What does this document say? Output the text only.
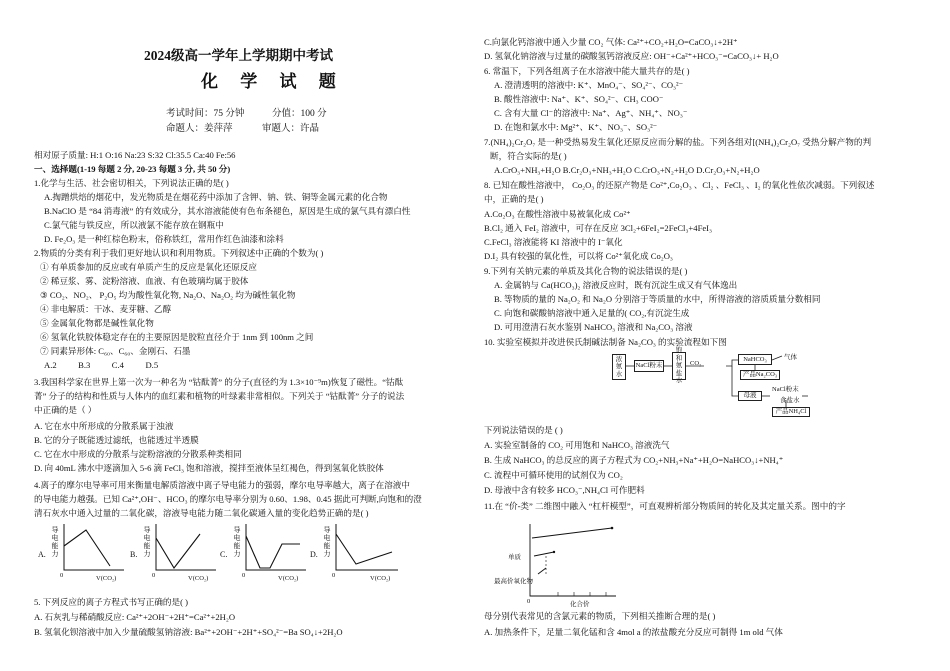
2024级高一学年上学期期中考试
化 学 试 题
考试时间：75 分钟	分值：100 分
命题人：姜萍萍	审题人：许晶
相对原子质量: H:1 O:16 Na:23 S:32 Cl:35.5 Ca:40 Fe:56
一、选择题(1-19 每题 2 分, 20-23 每题 3 分, 共 50 分)
1.化学与生活、社会密切相关，下列说法正确的是( )
A.掏蹭烘焙的烟花中，发光物质是在烟花药中添加了含钾、钠、铁、铜等金属元素的化合物
B.NaClO 是 “84 消毒液” 的有效成分，其水溶液能使有色布条褪色，原因是生成的氯气具有漂白性
C.氯气能与铁反应，所以液氯不能存放在钢瓶中
D. Fe₂O₃ 是一种红棕色粉末，俗称铁红，常用作红色油漆和涂料
2.物质的分类有利于我们更好地认识和利用物质。下列叙述中正确的个数为( )
① 有单质参加的反应或有单质产生的反应是氧化还原反应
② 稀豆浆、雾、淀粉溶液、血液、有色玻璃均属于胶体
③ CO₂、NO₂、 P₂O₅ 均为酸性氧化物, Na₂O、Na₂O₂ 均为碱性氧化物
④ 非电解质：干冰、麦芽糖、乙醇
⑤ 金属氧化物都是碱性氧化物
⑥ 氢氧化铁胶体稳定存在的主要原因是胶粒直径介于 1nm 到 100nm 之间
⑦ 同素异形体: C₆₀、C₆₀、金刚石、石墨
A.2          B.3          C.4          D.5
3.我国科学家在世界上第一次为一种名为 “钴酞菁” 的分子(直径约为 1.3×10⁻⁹m)恢复了磁性。“钴酞
菁” 分子的结构和性质与人体内的血红素和植物的叶绿素非常相似。下列关于 “钴酞菁” 分子的说法
中正确的是（ ）
A. 它在水中所形成的分散系属于浊液
B. 它的分子既能透过滤纸，也能透过半透膜
C. 它在水中形成的分散系与淀粉溶液的分散系种类相同
D. 向 40mL 沸水中逐滴加入 5-6 滴 FeCl₃ 饱和溶液，搅拌至液体呈红褐色，得到氢氧化铁胶体
4.离子的摩尔电导率可用来衡量电解质溶液中离子导电能力的强弱，摩尔电导率越大，离子在溶液中
的导电能力越强。已知 Ca²⁺,OH⁻、HCO₃ 的摩尔电导率分别为 0.60、1.98、0.45 据此可判断,向饱和的澄
清石灰水中通入过量的二氧化碳，溶液导电能力随二氧化碳通入量的变化趋势正确的是( )
A.
导电能力
0	V(CO₂)
B.
导电能力
0	V(CO₂)
C.
导电能力
0	V(CO₂)
D.
导电能力
0	V(CO₂)
5. 下列反应的离子方程式书写正确的是( )
A. 石灰乳与稀硝酸反应: Ca²⁺+2OH⁻+2H⁺=Ca²⁺+2H₂O
B. 氢氧化钡溶液中加入少量硫酸氢钠溶液: Ba²⁺+2OH⁻+2H⁺+SO₄²⁻=Ba SO₄↓+2H₂O
C.向氯化钙溶液中通入少量 CO₂ 气体: Ca²⁺+CO₂+H₂O=CaCO₃↓+2H⁺
D. 氢氧化钠溶液与过量的碳酸氢钙溶液反应: OH⁻+Ca²⁺+HCO₃⁻=CaCO₃↓+ H₂O
6. 常温下，下列各组离子在水溶液中能大量共存的是( )
A. 澄清透明的溶液中: K⁺、MnO₄⁻、SO₄²⁻、CO₃²⁻
B. 酸性溶液中: Na⁺、K⁺、SO₄²⁻、CH₃ COO⁻
C. 含有大量 Cl⁻的溶液中: Na⁺、Ag⁺、NH₄⁺、NO₃⁻
D. 在饱和氯水中: Mg²⁺、K⁺、NO₃⁻、SO₃²⁻
7.(NH₄)₂Cr₂O₇ 是一种受热易发生氧化还原反应而分解的盐。下列各组对[(NH₄)₂Cr₂O₇ 受热分解产物的判
断，符合实际的是( )
A.CrO₃+NH₃+H₂O B.Cr₂O₃+NH₃+H₂O C.CrO₃+N₂+H₂O D.Cr₂O₃+N₂+H₂O
8. 已知在酸性溶液中， Co₂O₃ 的还原产物是 Co²⁺,Co₂O₃ 、Cl₂ 、FeCl₃ 、I₂ 的氧化性依次减弱。下列叙述
中，正确的是( )
A.Co₂O₃ 在酸性溶液中易被氧化成 Co²⁺
B.Cl₂ 通入 FeI₂ 溶液中，可存在反应 3Cl₂+6FeI₂=2FeCl₃+4FeI₃
C.FeCl₃ 溶液能将 KI 溶液中的 I⁻氧化
D.I₂ 具有较强的氧化性，可以将 Co²⁺氧化成 Co₂O₃
9.下列有关钠元素的单质及其化合物的说法错误的是( )
A. 金属钠与 Ca(HCO₃)₂ 溶液反应时，既有沉淀生成又有气体逸出
B. 等物质的量的 Na₂O₂ 和 Na₂O 分别溶于等质量的水中，所得溶液的溶质质量分数相同
C. 向饱和碳酸钠溶液中通入足量的( CO₂,有沉淀生成
D. 可用澄清石灰水鉴别 NaHCO₃ 溶液和 Na₂CO₃ 溶液
10. 实验室模拟并改进侯氏制碱法制备 Na₂CO₃ 的实验流程如下图
浓氨水
NaCl粉末
饱和氨盐水
CO₂
NaHCO₃	气体
产品Na₂CO₃
母液
NaCl粉末
食盐水
产品NH₄Cl
下列说法错误的是 ( )
A. 实验室制备的 CO₂ 可用饱和 NaHCO₃ 溶液洗气
B. 生成 NaHCO₃ 的总反应的离子方程式为 CO₂+NH₃+Na⁺+H₂O=NaHCO₃↓+NH₄⁺
C. 流程中可循环使用的试剂仅为 CO₂
D. 母液中含有较多 HCO₃⁻,NH₄Cl 可作肥料
11.在 “价-类” 二维图中融入 “杠杆模型”，可直观辨析部分物质间的转化及其定量关系。图中的字
单质
最高价氧化物
0	化合价
母分别代表常见的含氯元素的物质，下列相关推断合理的是( )
A. 加热条件下，足量二氧化锰和含 4mol a 的浓盐酸充分反应可制得 1m old 气体
